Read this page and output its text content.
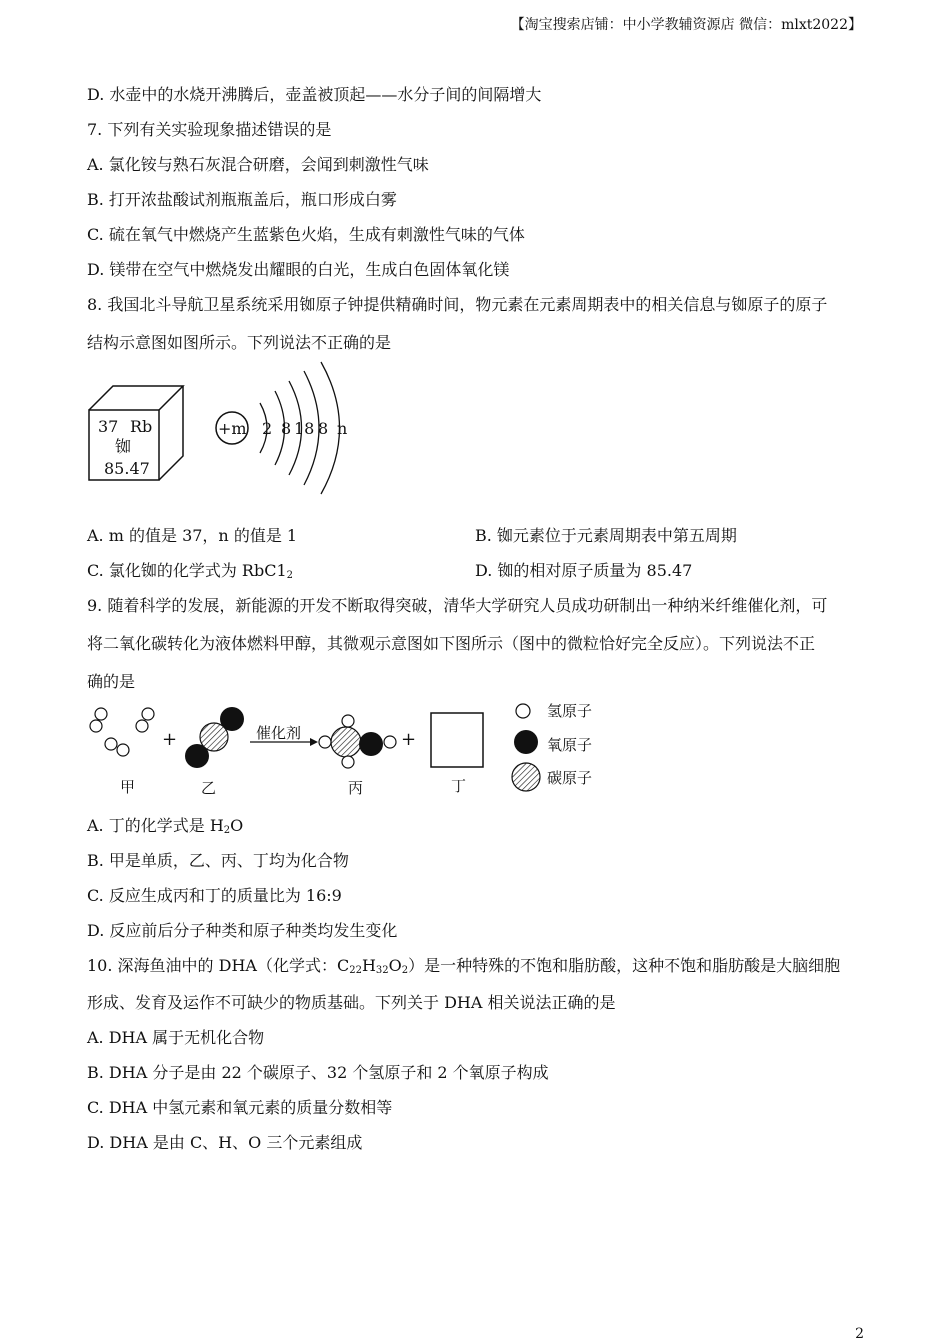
【淘宝搜索店铺：中小学教辅资源店 微信：mlxt2022】
D. 水壶中的水烧开沸腾后，壶盖被顶起——水分子间的间隔增大
7. 下列有关实验现象描述错误的是
A. 氯化铵与熟石灰混合研磨，会闻到刺激性气味
B. 打开浓盐酸试剂瓶瓶盖后，瓶口形成白雾
C. 硫在氧气中燃烧产生蓝紫色火焰，生成有刺激性气味的气体
D. 镁带在空气中燃烧发出耀眼的白光，生成白色固体氧化镁
8. 我国北斗导航卫星系统采用铷原子钟提供精确时间，物元素在元素周期表中的相关信息与铷原子的原子
结构示意图如图所示。下列说法不正确的是
37 Rb
铷
85.47
+m 2 8 18 8 n
A. m 的值是 37，n 的值是 1	B. 铷元素位于元素周期表中第五周期
C. 氯化铷的化学式为 $RbC1_2$	D. 铷的相对原子质量为 85.47
9. 随着科学的发展，新能源的开发不断取得突破，清华大学研究人员成功研制出一种纳米纤维催化剂，可
将二氧化碳转化为液体燃料甲醇，其微观示意图如下图所示（图中的微粒恰好完全反应）。下列说法不正
确的是
+	催化剂	+
甲	乙	丙	丁
氢原子
氧原子
碳原子
A. 丁的化学式是 $H_2O$
B. 甲是单质，乙、丙、丁均为化合物
C. 反应生成丙和丁的质量比为 16:9
D. 反应前后分子种类和原子种类均发生变化
10. 深海鱼油中的 DHA（化学式：$C_{22}H_{32}O_2$）是一种特殊的不饱和脂肪酸，这种不饱和脂肪酸是大脑细胞
形成、发育及运作不可缺少的物质基础。下列关于 DHA 相关说法正确的是
A. DHA 属于无机化合物
B. DHA 分子是由 22 个碳原子、32 个氢原子和 2 个氧原子构成
C. DHA 中氢元素和氧元素的质量分数相等
D. DHA 是由 C、H、O 三个元素组成
2
